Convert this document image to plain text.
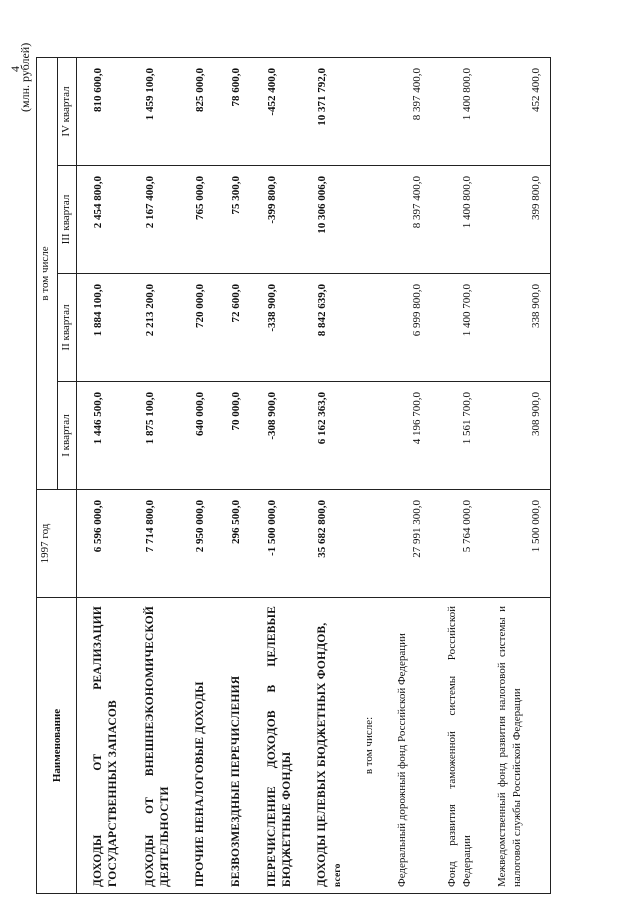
4
(млн. рублей)
Наименование	1997 год	в том числе			
		I квартал	II квартал	III квартал	IV квартал
ДОХОДЫ ОТ РЕАЛИЗАЦИИ ГОСУДАРСТВЕННЫХ ЗАПАСОВ	6 596 000,0	1 446 500,0	1 884 100,0	2 454 800,0	810 600,0
ДОХОДЫ ОТ ВНЕШНЕЭКОНОМИЧЕСКОЙ ДЕЯТЕЛЬНОСТИ	7 714 800,0	1 875 100,0	2 213 200,0	2 167 400,0	1 459 100,0
ПРОЧИЕ НЕНАЛОГОВЫЕ ДОХОДЫ	2 950 000,0	640 000,0	720 000,0	765 000,0	825 000,0
БЕЗВОЗМЕЗДНЫЕ ПЕРЕЧИСЛЕНИЯ	296 500,0	70 000,0	72 600,0	75 300,0	78 600,0
ПЕРЕЧИСЛЕНИЕ ДОХОДОВ В ЦЕЛЕВЫЕ БЮДЖЕТНЫЕ ФОНДЫ	-1 500 000,0	-308 900,0	-338 900,0	-399 800,0	-452 400,0
ДОХОДЫ ЦЕЛЕВЫХ БЮДЖЕТНЫХ ФОНДОВ, всего	35 682 800,0	6 162 363,0	8 842 639,0	10 306 006,0	10 371 792,0
в том числе:					
Федеральный дорожный фонд Российской Федерации	27 991 300,0	4 196 700,0	6 999 800,0	8 397 400,0	8 397 400,0
Фонд развития таможенной системы Российской Федерации	5 764 000,0	1 561 700,0	1 400 700,0	1 400 800,0	1 400 800,0
Межведомственный фонд развития налоговой системы и налоговой службы Российской Федерации	1 500 000,0	308 900,0	338 900,0	399 800,0	452 400,0
